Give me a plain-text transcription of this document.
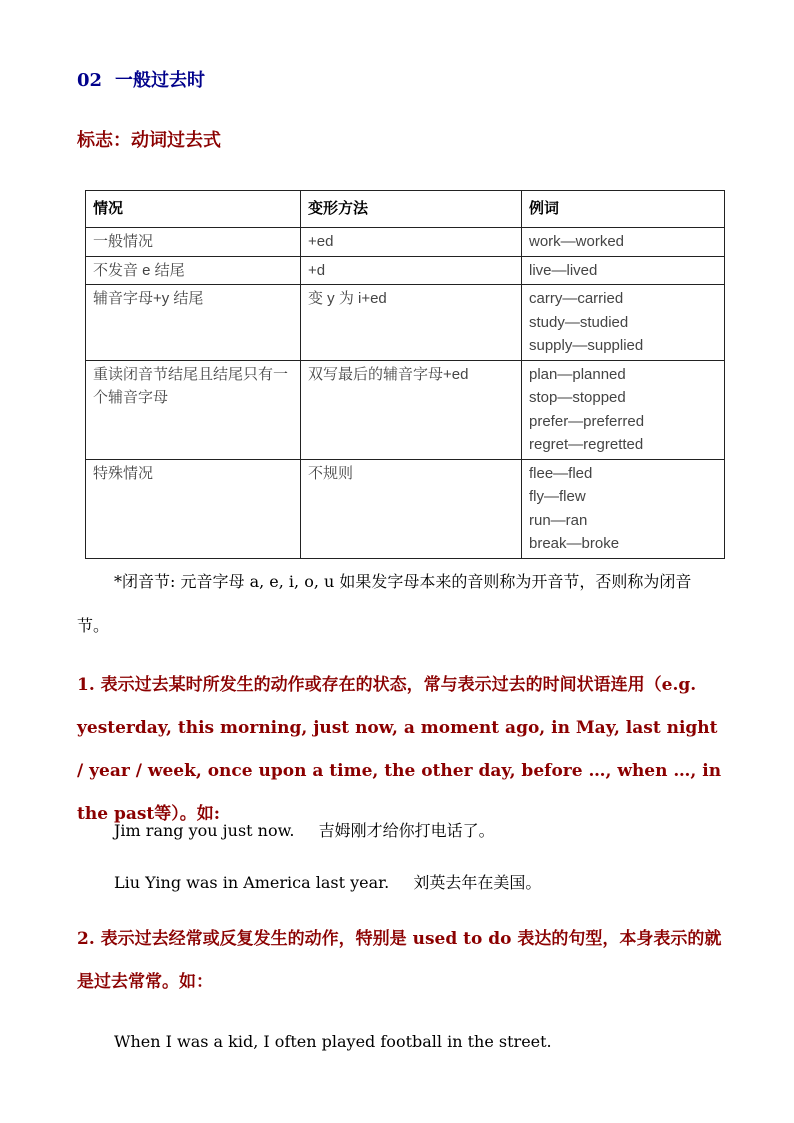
02 一般过去时
标志：动词过去式
情况	变形方法	例词
一般情况	+ed	work—worked

不发音 e 结尾	+d	live—lived

辅音字母+y 结尾	变 y 为 i+ed	carry—carried
study—studied
supply—supplied

重读闭音节结尾且结尾只有一个辅音字母	双写最后的辅音字母+ed	plan—planned
stop—stopped
prefer—preferred
regret—regretted

特殊情况	不规则	flee—fled
fly—flew
run—ran
break—broke
*闭音节: 元音字母 a, e, i, o, u 如果发字母本来的音则称为开音节，否则称为闭音节。
1. 表示过去某时所发生的动作或存在的状态，常与表示过去的时间状语连用（e.g. yesterday, this morning, just now, a moment ago, in May, last night / year / week, once upon a time, the other day, before …, when …, in the past等）。如:
Jim rang you just now. 吉姆刚才给你打电话了。
Liu Ying was in America last year. 刘英去年在美国。
2. 表示过去经常或反复发生的动作，特别是 used to do 表达的句型，本身表示的就是过去常常。如：
When I was a kid, I often played football in the street.
